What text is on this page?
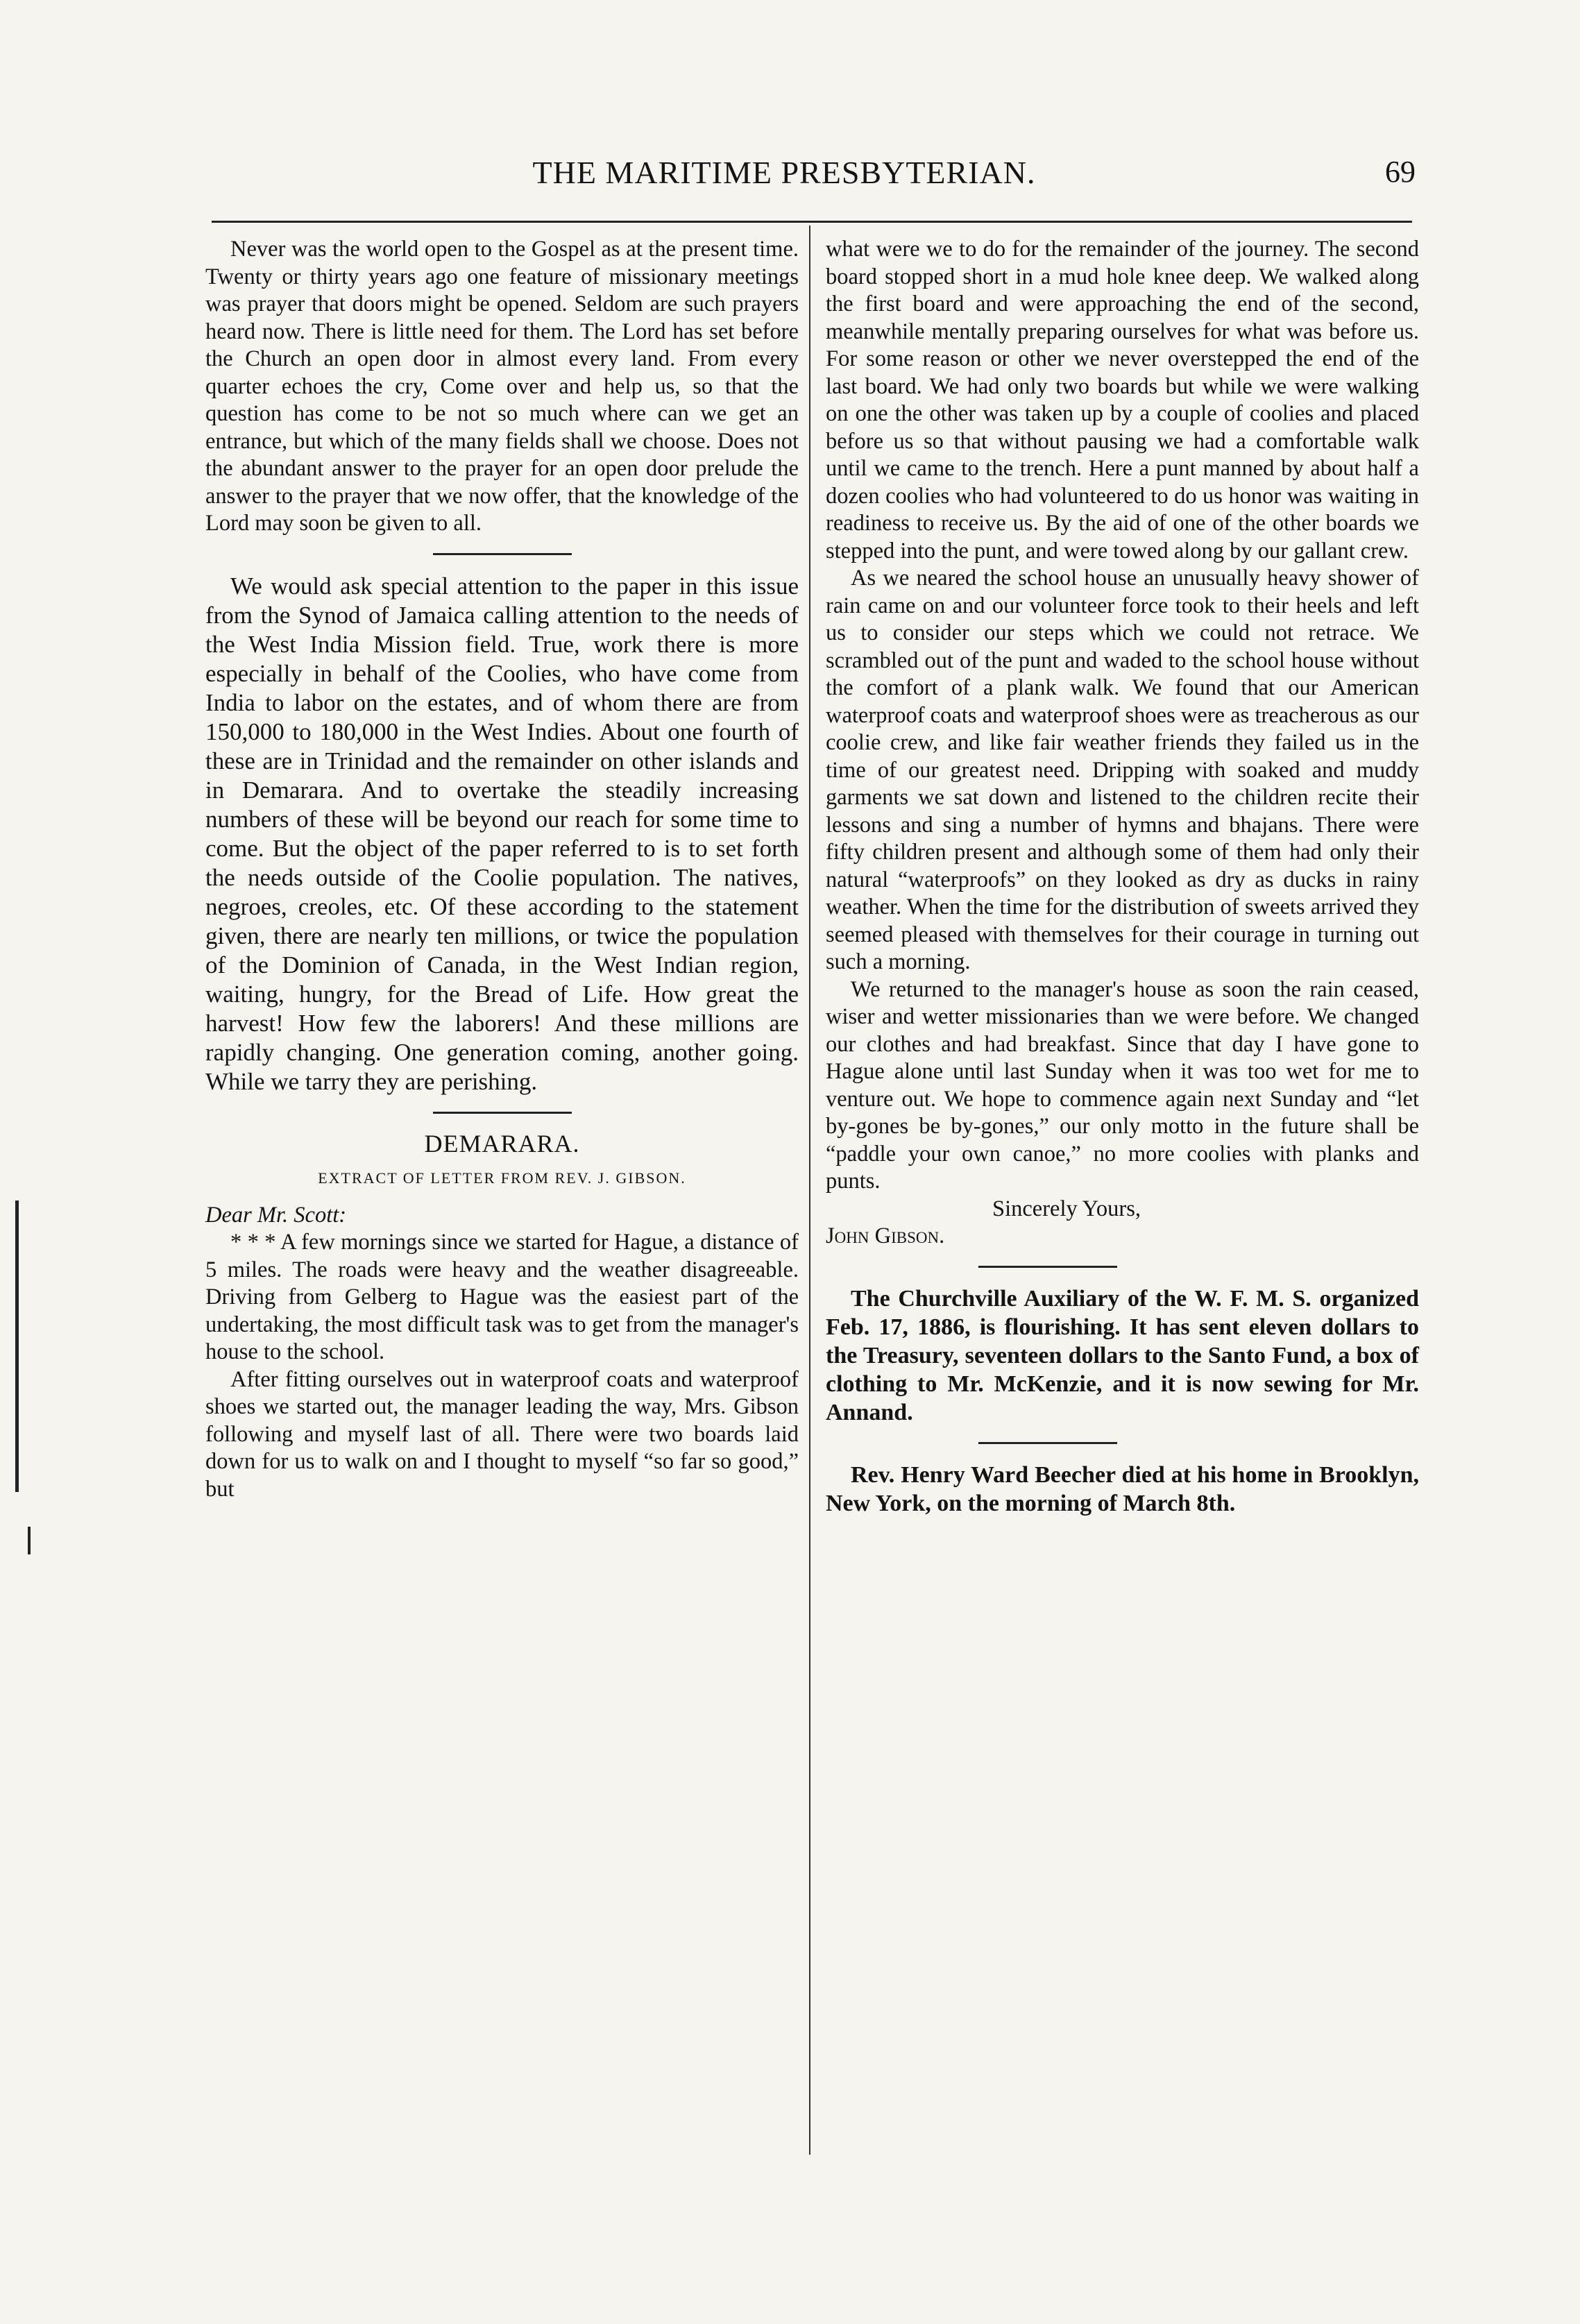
THE MARITIME PRESBYTERIAN.	69

Never was the world open to the Gospel as at the present time. Twenty or thirty years ago one feature of missionary meetings was prayer that doors might be opened. Seldom are such prayers heard now. There is little need for them. The Lord has set before the Church an open door in almost every land. From every quarter echoes the cry, Come over and help us, so that the question has come to be not so much where can we get an entrance, but which of the many fields shall we choose. Does not the abundant answer to the prayer for an open door prelude the answer to the prayer that we now offer, that the knowledge of the Lord may soon be given to all.

We would ask special attention to the paper in this issue from the Synod of Jamaica calling attention to the needs of the West India Mission field. True, work there is more especially in behalf of the Coolies, who have come from India to labor on the estates, and of whom there are from 150,000 to 180,000 in the West Indies. About one fourth of these are in Trinidad and the remainder on other islands and in Demarara. And to overtake the steadily increasing numbers of these will be beyond our reach for some time to come. But the object of the paper referred to is to set forth the needs outside of the Coolie population. The natives, negroes, creoles, etc. Of these according to the statement given, there are nearly ten millions, or twice the population of the Dominion of Canada, in the West Indian region, waiting, hungry, for the Bread of Life. How great the harvest! How few the laborers! And these millions are rapidly changing. One generation coming, another going. While we tarry they are perishing.

DEMARARA.
EXTRACT OF LETTER FROM REV. J. GIBSON.

Dear Mr. Scott:

* * * A few mornings since we started for Hague, a distance of 5 miles. The roads were heavy and the weather disagreeable. Driving from Gelberg to Hague was the easiest part of the undertaking, the most difficult task was to get from the manager's house to the school.

After fitting ourselves out in waterproof coats and waterproof shoes we started out, the manager leading the way, Mrs. Gibson following and myself last of all. There were two boards laid down for us to walk on and I thought to myself “so far so good,” but

what were we to do for the remainder of the journey. The second board stopped short in a mud hole knee deep. We walked along the first board and were approaching the end of the second, meanwhile mentally preparing ourselves for what was before us. For some reason or other we never overstepped the end of the last board. We had only two boards but while we were walking on one the other was taken up by a couple of coolies and placed before us so that without pausing we had a comfortable walk until we came to the trench. Here a punt manned by about half a dozen coolies who had volunteered to do us honor was waiting in readiness to receive us. By the aid of one of the other boards we stepped into the punt, and were towed along by our gallant crew.

As we neared the school house an unusually heavy shower of rain came on and our volunteer force took to their heels and left us to consider our steps which we could not retrace. We scrambled out of the punt and waded to the school house without the comfort of a plank walk. We found that our American waterproof coats and waterproof shoes were as treacherous as our coolie crew, and like fair weather friends they failed us in the time of our greatest need. Dripping with soaked and muddy garments we sat down and listened to the children recite their lessons and sing a number of hymns and bhajans. There were fifty children present and although some of them had only their natural “waterproofs” on they looked as dry as ducks in rainy weather. When the time for the distribution of sweets arrived they seemed pleased with themselves for their courage in turning out such a morning.

We returned to the manager's house as soon the rain ceased, wiser and wetter missionaries than we were before. We changed our clothes and had breakfast. Since that day I have gone to Hague alone until last Sunday when it was too wet for me to venture out. We hope to commence again next Sunday and “let by-gones be by-gones,” our only motto in the future shall be “paddle your own canoe,” no more coolies with planks and punts.

Sincerely Yours,

John Gibson.

The Churchville Auxiliary of the W. F. M. S. organized Feb. 17, 1886, is flourishing. It has sent eleven dollars to the Treasury, seventeen dollars to the Santo Fund, a box of clothing to Mr. McKenzie, and it is now sewing for Mr. Annand.

Rev. Henry Ward Beecher died at his home in Brooklyn, New York, on the morning of March 8th.
